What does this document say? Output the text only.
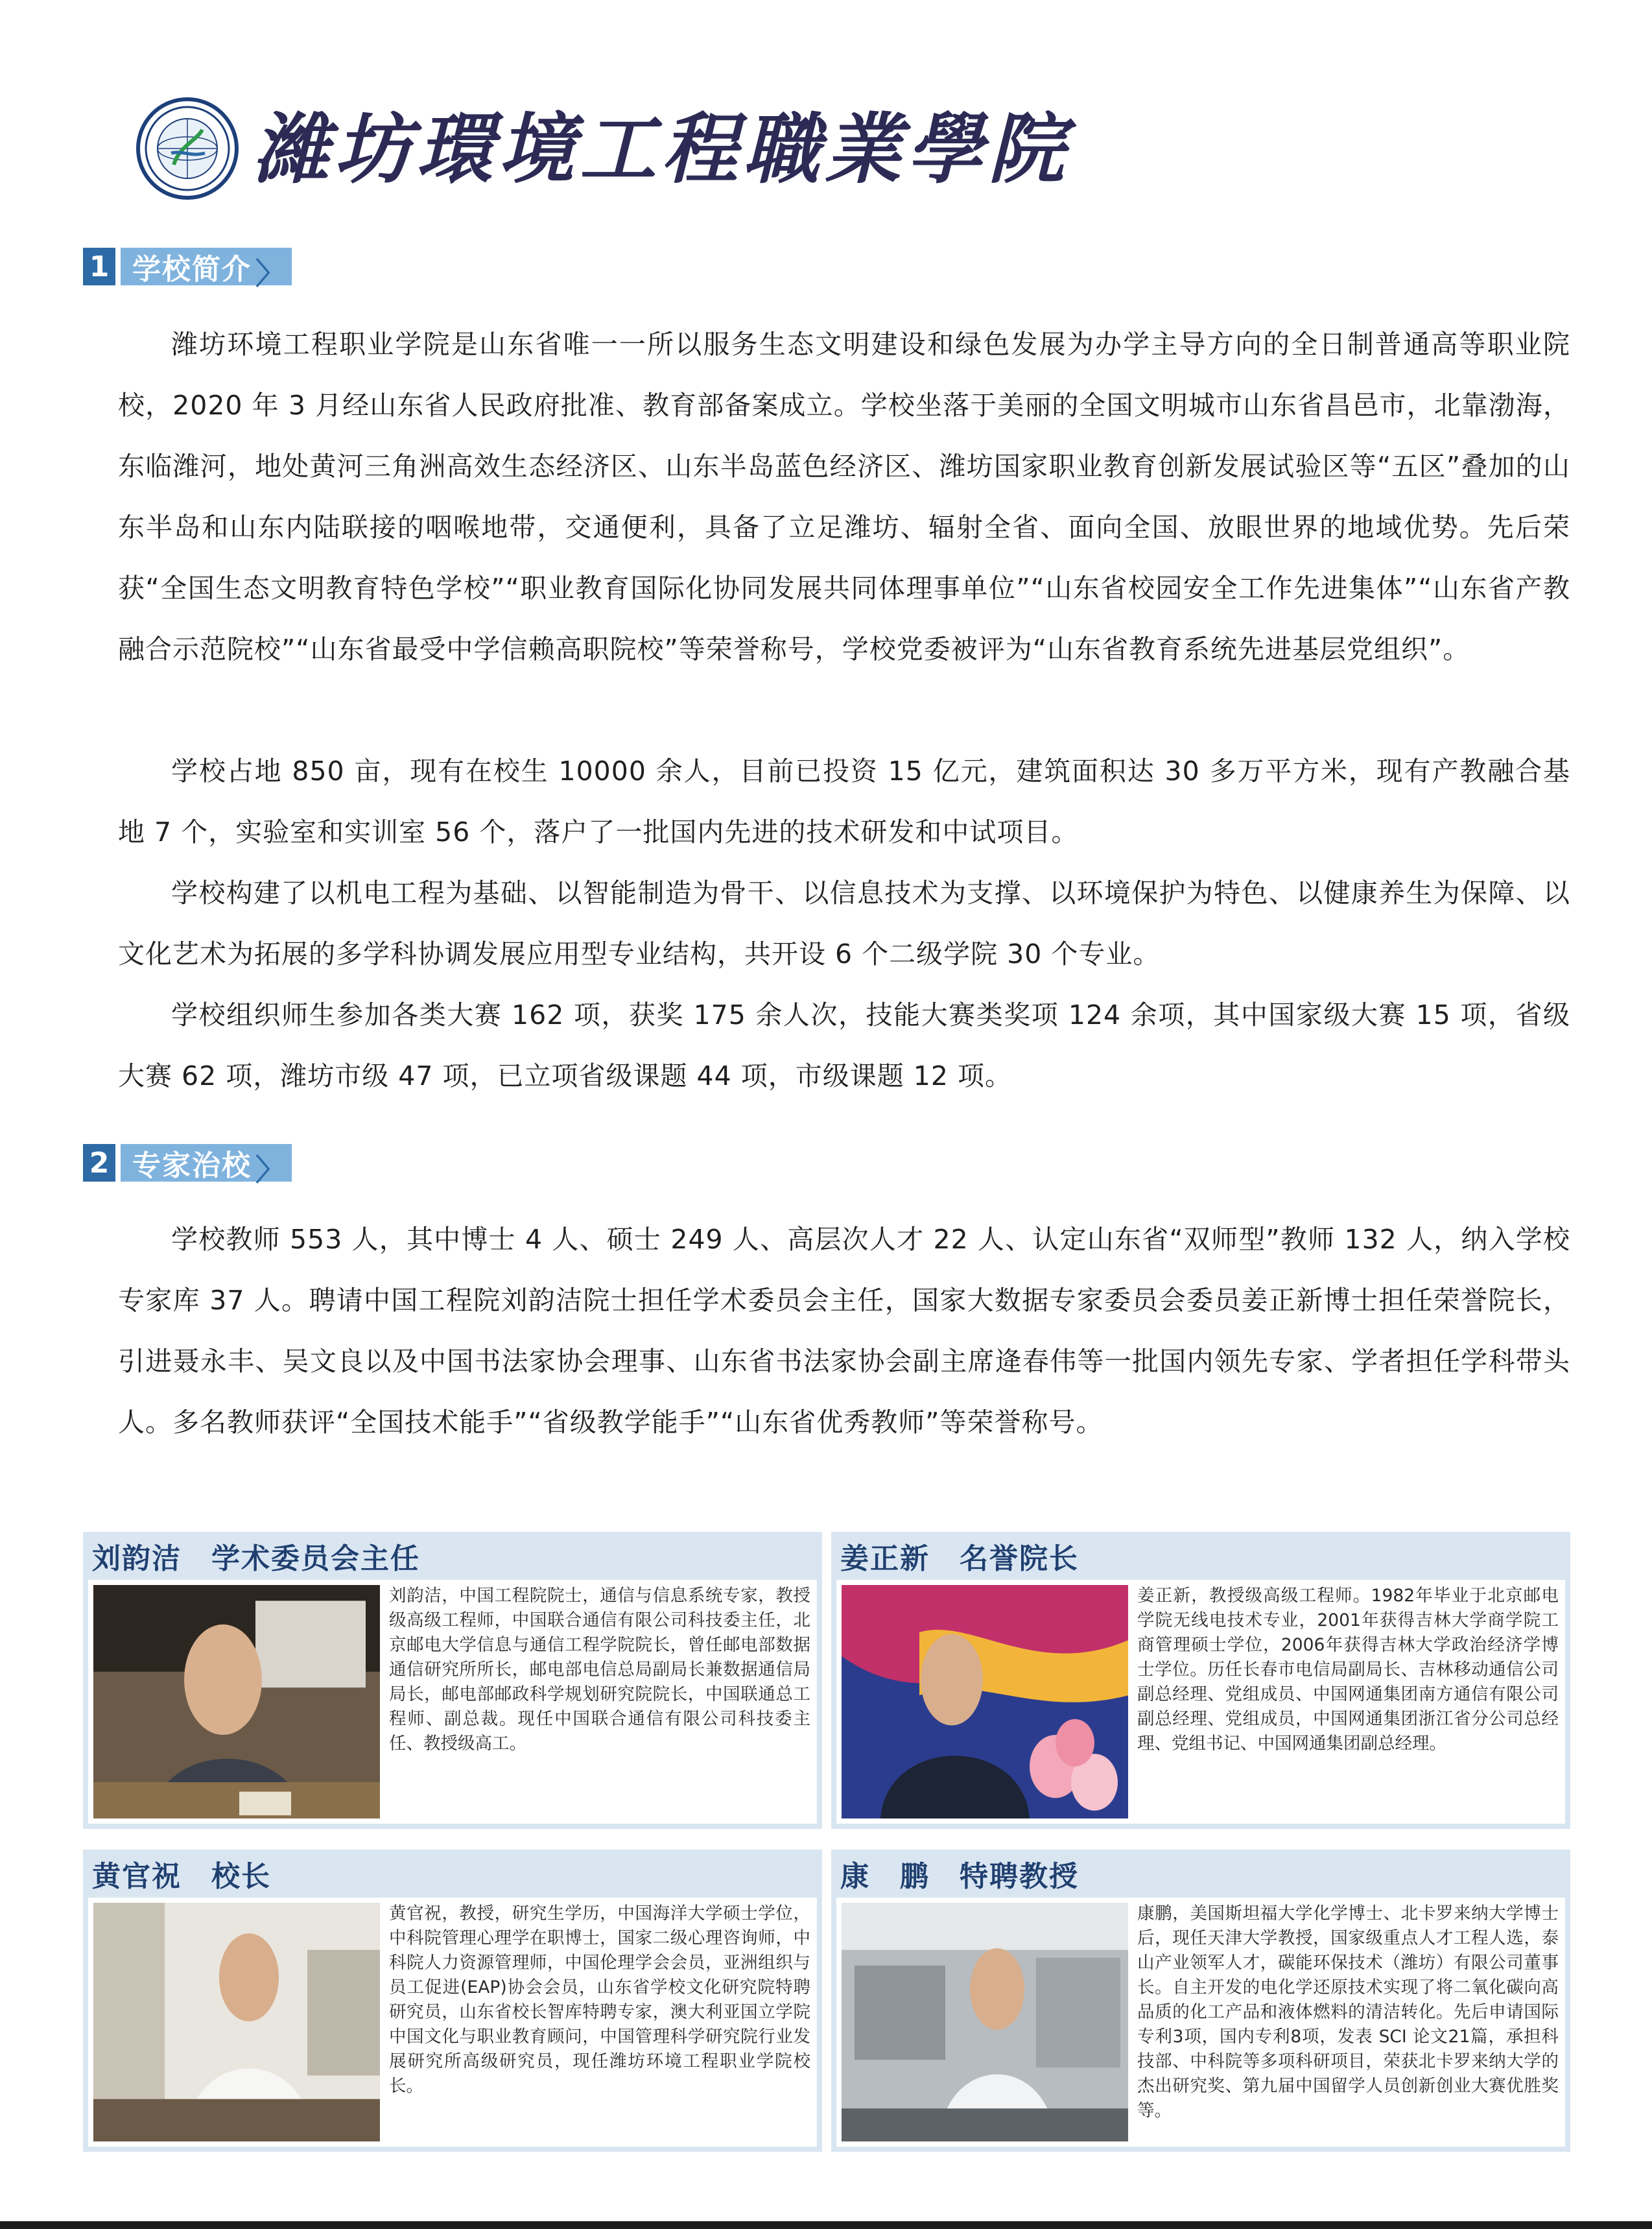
濰坊環境工程職業學院
1 学校简介 〉

潍坊环境工程职业学院是山东省唯一一所以服务生态文明建设和绿色发展为办学主导方向的全日制普通高等职业院校，2020 年 3 月经山东省人民政府批准、教育部备案成立。学校坐落于美丽的全国文明城市山东省昌邑市，北靠渤海，东临潍河，地处黄河三角洲高效生态经济区、山东半岛蓝色经济区、潍坊国家职业教育创新发展试验区等“五区”叠加的山东半岛和山东内陆联接的咽喉地带，交通便利，具备了立足潍坊、辐射全省、面向全国、放眼世界的地域优势。先后荣获“全国生态文明教育特色学校”“职业教育国际化协同发展共同体理事单位”“山东省校园安全工作先进集体”“山东省产教融合示范院校”“山东省最受中学信赖高职院校”等荣誉称号，学校党委被评为“山东省教育系统先进基层党组织”。

学校占地 850 亩，现有在校生 10000 余人，目前已投资 15 亿元，建筑面积达 30 多万平方米，现有产教融合基地 7 个，实验室和实训室 56 个，落户了一批国内先进的技术研发和中试项目。

学校构建了以机电工程为基础、以智能制造为骨干、以信息技术为支撑、以环境保护为特色、以健康养生为保障、以文化艺术为拓展的多学科协调发展应用型专业结构，共开设 6 个二级学院 30 个专业。

学校组织师生参加各类大赛 162 项，获奖 175 余人次，技能大赛类奖项 124 余项，其中国家级大赛 15 项，省级大赛 62 项，潍坊市级 47 项，已立项省级课题 44 项，市级课题 12 项。

2 专家治校 〉

学校教师 553 人，其中博士 4 人、硕士 249 人、高层次人才 22 人、认定山东省“双师型”教师 132 人，纳入学校专家库 37 人。聘请中国工程院刘韵洁院士担任学术委员会主任，国家大数据专家委员会委员姜正新博士担任荣誉院长，引进聂永丰、吴文良以及中国书法家协会理事、山东省书法家协会副主席逄春伟等一批国内领先专家、学者担任学科带头人。多名教师获评“全国技术能手”“省级教学能手”“山东省优秀教师”等荣誉称号。

刘韵洁 学术委员会主任

刘韵洁，中国工程院院士，通信与信息系统专家，教授级高级工程师，中国联合通信有限公司科技委主任，北京邮电大学信息与通信工程学院院长，曾任邮电部数据通信研究所所长，邮电部电信总局副局长兼数据通信局局长，邮电部邮政科学规划研究院院长，中国联通总工程师、副总裁。现任中国联合通信有限公司科技委主任、教授级高工。

姜正新 名誉院长

姜正新，教授级高级工程师。1982年毕业于北京邮电学院无线电技术专业，2001年获得吉林大学商学院工商管理硕士学位，2006年获得吉林大学政治经济学博士学位。历任长春市电信局副局长、吉林移动通信公司副总经理、党组成员、中国网通集团南方通信有限公司副总经理、党组成员，中国网通集团浙江省分公司总经理、党组书记、中国网通集团副总经理。

黄官祝 校长

黄官祝，教授，研究生学历，中国海洋大学硕士学位，中科院管理心理学在职博士，国家二级心理咨询师，中科院人力资源管理师，中国伦理学会会员，亚洲组织与员工促进(EAP)协会会员，山东省学校文化研究院特聘研究员，山东省校长智库特聘专家，澳大利亚国立学院中国文化与职业教育顾问，中国管理科学研究院行业发展研究所高级研究员，现任潍坊环境工程职业学院校长。

康　鹏 特聘教授

康鹏，美国斯坦福大学化学博士、北卡罗来纳大学博士后，现任天津大学教授，国家级重点人才工程人选，泰山产业领军人才，碳能环保技术（潍坊）有限公司董事长。自主开发的电化学还原技术实现了将二氧化碳向高品质的化工产品和液体燃料的清洁转化。先后申请国际专利3项，国内专利8项，发表 SCI 论文21篇，承担科技部、中科院等多项科研项目，荣获北卡罗来纳大学的杰出研究奖、第九届中国留学人员创新创业大赛优胜奖等。
